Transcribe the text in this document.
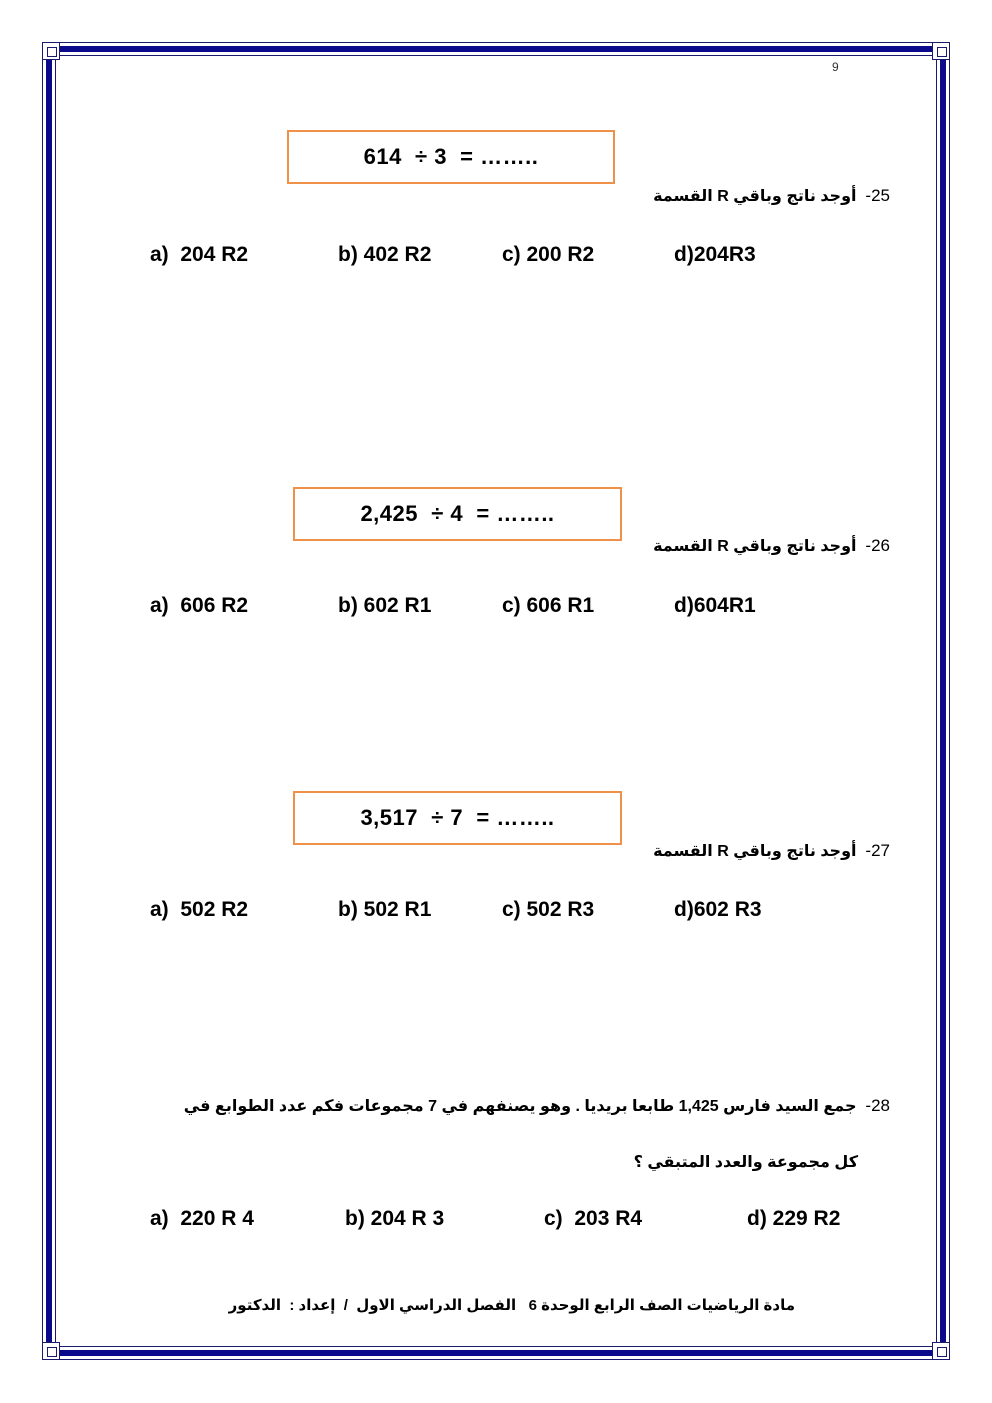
9
614  ÷ 3  = ……..
25-  أوجد ناتج وباقي R القسمة
a)  204 R2	b) 402 R2	c) 200 R2	d)204R3
2,425  ÷ 4  = ……..
26-  أوجد ناتج وباقي R القسمة
a)  606 R2	b) 602 R1	c) 606 R1	d)604R1
3,517  ÷ 7  = ……..
27-  أوجد ناتج وباقي R القسمة
a)  502 R2	b) 502 R1	c) 502 R3	d)602 R3
28-  جمع السيد فارس 1,425 طابعا بريديا . وهو يصنفهم في 7 مجموعات فكم عدد الطوابع في
كل مجموعة والعدد المتبقي ؟
a)  220 R 4	b) 204 R 3	c)  203 R4	d) 229 R2
مادة الرياضيات الصف الرابع الوحدة 6   الفصل الدراسي الاول  /  إعداد :  الدكتور
